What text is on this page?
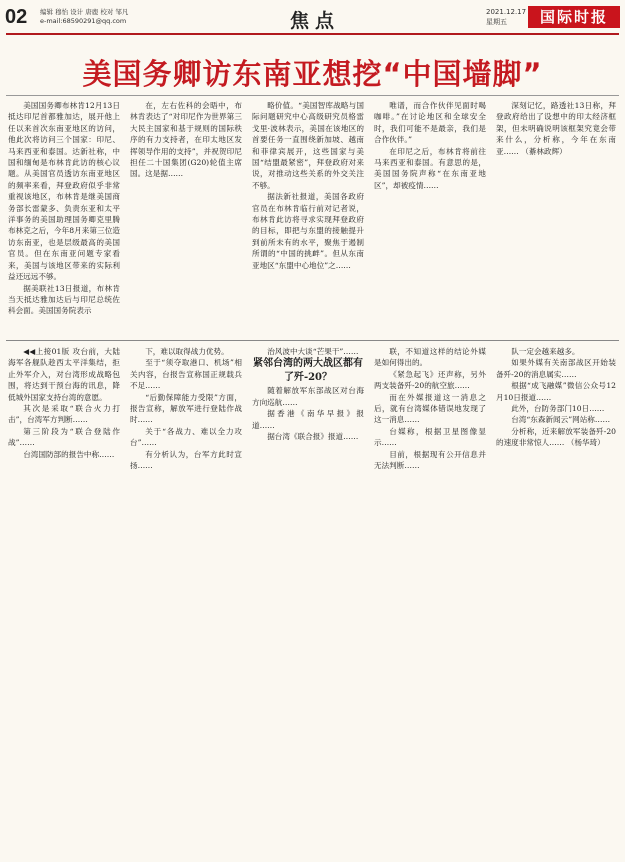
02 编辑 穆怡 设计 唐鹿 校对 邹凡
e-mail:68590291@qq.com	焦点	2021.12.17
星期五	国际时报
美国务卿访东南亚想挖“中国墙脚”

美国国务卿布林肯12月13日抵达印尼首都雅加达，展开他上任以来首次东南亚地区的访问，他此次将访问三个国家：印尼、马来西亚和泰国。达新社称，中国和缅甸是布林肯此访的核心议题。从美国官员透访东南亚地区的频率来看，拜登政府似乎非常重视该地区，布林肯是继美国商务部长雷蒙多、负责东亚和太平洋事务的美国助理国务卿克里腾布林克之后，今年8月来第三位造访东南亚，也是层级最高的美国官员。但在东南亚问题专家看来，美国与该地区带来的实际利益还远远不够。

据美联社13日报道，布林肯当天抵达雅加达后与印尼总统佐科会面。美国国务院表示

在，左右佐科的会晤中，布林肯表达了“对印尼作为世界第三大民主国家和基于规则的国际秩序的有力支持者，在印太地区发挥领导作用的支持”，并祝贺印尼担任二十国集团(G20)轮值主席国。这是据……

略价值。“美国智库战略与国际问题研究中心高级研究员格雷戈里·波林表示，美国在该地区的首要任务一直围绕新加坡、越南和菲律宾展开，这些国家与美国“结盟最紧密”，拜登政府对来说，对推动这些关系的外交关注不够。

据法新社报道，美国各政府官员在布林肯临行前对记者说，布林肯此访将寻求实现拜登政府的目标，即把与东盟的接触提升到前所未有的水平，聚焦于遏制所谓的“中国的挑衅”。但从东南亚地区“东盟中心地位”之……

唯谱，而合作伙伴见面时喝咖啡。”在讨论地区和全球安全时，我们可能不是最亲，我们是合作伙伴。”

在印尼之后，布林肯将前往马来西亚和泰国。有意思的是，美国国务院声称“在东南亚地区”，却被疫情……

深刻记忆，路透社13日称，拜登政府给出了设想中的印太经济框架，但未明确说明该框架究竟会带来什么，分析称，今年在东南亚…… （綦林政辉）

◀◀上接01版 攻台前，大陆海军各舰队趁西太平洋集结，拒止外军介入，对台湾形成战略包围，将达到干预台海的讯息，降低城外国家支持台湾的意愿。

其次是采取“联合火力打击”，台湾军方判断……

第三阶段为“联合登陆作战”……

台湾国防部的报告中称……

下，难以取得战力优势。

至于“须夺取港口、机场”相关内容，台报告宣称国正规载兵不足……

“后勤保障能力受限”方面，报告宣称，解放军进行登陆作战时……

关于“各战力、难以全力攻台”……

有分析认为，台军方此时宣扬……

治风波中大谈“芒果干”……

紧邻台湾的两大战区都有了歼-20？

随着解放军东部战区对台海方向巡航……

据香港《南华早报》报道……

据台湾《联合报》报道……

联，不知道这样的结论外媒是如何得出的。

《紧急起飞》还声称，另外两支装备歼-20的航空旅……

而在外媒报道这一消息之后，就有台湾媒体错误地发现了这一消息……

台媒称，根据卫星图像显示……

目前，根据现有公开信息并无法判断……

队一定会越来越多。

如果外媒有关南部战区开始装备歼-20的消息属实……

根据“成飞融媒”微信公众号12月10日报道……

此外，台防务部门10日……

台湾“东森新闻云”网站称……

分析称，近来解放军装备歼-20的速度非常惊人…… （杨华琦）
